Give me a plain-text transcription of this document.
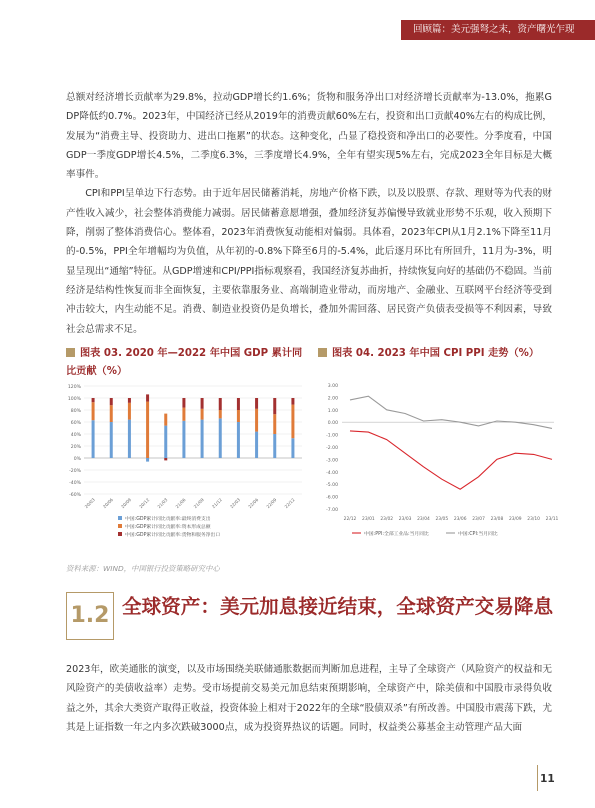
回顾篇：美元强弩之末，资产曙光乍现

总额对经济增长贡献率为29.8%，拉动GDP增长约1.6%；货物和服务净出口对经济增长贡献率为-13.0%，拖累GDP降低约0.7%。2023年，中国经济已经从2019年的消费贡献60%左右，投资和出口贡献40%左右的构成比例，发展为“消费主导、投资助力、进出口拖累”的状态。这种变化，凸显了稳投资和净出口的必要性。分季度看，中国GDP一季度GDP增长4.5%，二季度6.3%，三季度增长4.9%，全年有望实现5%左右，完成2023全年目标是大概率事件。

CPI和PPI呈单边下行态势。由于近年居民储蓄消耗，房地产价格下跌，以及以股票、存款、理财等为代表的财产性收入减少，社会整体消费能力减弱。居民储蓄意愿增强，叠加经济复苏偏慢导致就业形势不乐观，收入预期下降，削弱了整体消费信心。整体看，2023年消费恢复动能相对偏弱。具体看，2023年CPI从1月2.1%下降至11月的-0.5%，PPI全年增幅均为负值，从年初的-0.8%下降至6月的-5.4%，此后逐月环比有所回升，11月为-3%，明显呈现出“通缩”特征。从GDP增速和CPI/PPI指标观察看，我国经济复苏曲折，持续恢复向好的基础仍不稳固。当前经济是结构性恢复而非全面恢复，主要依靠服务业、高端制造业带动，而房地产、金融业、互联网平台经济等受到冲击较大，内生动能不足。消费、制造业投资仍是负增长，叠加外需回落、居民资产负债表受损等不利因素，导致社会总需求不足。

图表 03. 2020 年—2022 年中国 GDP 累计同比贡献（%）
图表 04. 2023 年中国 CPI PPI 走势（%）
-60%
-40%
-20%
0%
20%
40%
60%
80%
100%
120%
20/03 20/06 20/09 20/12 21/03 21/06 21/09 21/12 22/03 22/06 22/09 22/12
中国:GDP累计同比贡献率:最终消费支出
中国:GDP累计同比贡献率:资本形成总额
中国:GDP累计同比贡献率:货物和服务净出口
-7.00
-6.00
-5.00
-4.00
-3.00
-2.00
-1.00
0.00
1.00
2.00
3.00
22/12 23/01 23/02 23/03 23/04 23/05 23/06 23/07 23/08 23/09 23/10 23/11
中国:PPI:全部工业品:当月同比	中国:CPI:当月同比
资料来源：WIND，中国银行投资策略研究中心
1.2 全球资产：美元加息接近结束，全球资产交易降息

2023年，欧美通胀的演变，以及市场围绕美联储通胀数据而判断加息进程，主导了全球资产（风险资产的权益和无风险资产的美债收益率）走势。受市场提前交易美元加息结束预期影响，全球资产中，除美债和中国股市录得负收益之外，其余大类资产取得正收益，投资体验上相对于2022年的全球“股债双杀”有所改善。中国股市震荡下跌，尤其是上证指数一年之内多次跌破3000点，成为投资界热议的话题。同时，权益类公募基金主动管理产品大面

11
